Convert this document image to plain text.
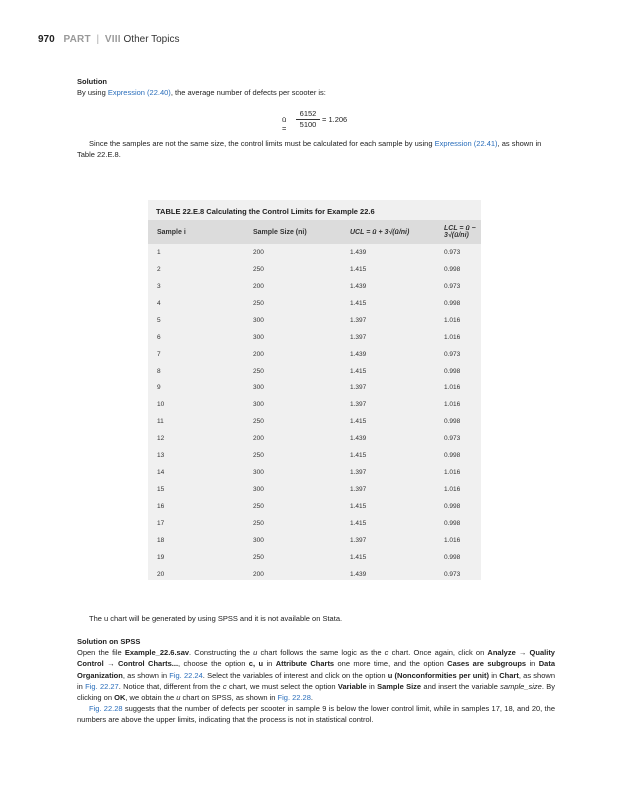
970 PART | VIII Other Topics
Solution
By using Expression (22.40), the average number of defects per scooter is:
ū = $\frac{6152}{5100} = 1.206$
Since the samples are not the same size, the control limits must be calculated for each sample by using Expression (22.41), as shown in Table 22.E.8.
TABLE 22.E.8 Calculating the Control Limits for Example 22.6
Sample i	Sample Size (ni)	UCL = ū + 3√(ū/ni)	LCL = ū − 3√(ū/ni)
1	200	1.439	0.973
2	250	1.415	0.998
3	200	1.439	0.973
4	250	1.415	0.998
5	300	1.397	1.016
6	300	1.397	1.016
7	200	1.439	0.973
8	250	1.415	0.998
9	300	1.397	1.016
10	300	1.397	1.016
11	250	1.415	0.998
12	200	1.439	0.973
13	250	1.415	0.998
14	300	1.397	1.016
15	300	1.397	1.016
16	250	1.415	0.998
17	250	1.415	0.998
18	300	1.397	1.016
19	250	1.415	0.998
20	200	1.439	0.973
The u chart will be generated by using SPSS and it is not available on Stata.
Solution on SPSS
Open the file Example_22.6.sav. Constructing the u chart follows the same logic as the c chart. Once again, click on Analyze → Quality Control → Control Charts..., choose the option c, u in Attribute Charts one more time, and the option Cases are subgroups in Data Organization, as shown in Fig. 22.24. Select the variables of interest and click on the option u (Nonconformities per unit) in Chart, as shown in Fig. 22.27. Notice that, different from the c chart, we must select the option Variable in Sample Size and insert the variable sample_size. By clicking on OK, we obtain the u chart on SPSS, as shown in Fig. 22.28.
Fig. 22.28 suggests that the number of defects per scooter in sample 9 is below the lower control limit, while in samples 17, 18, and 20, the numbers are above the upper limits, indicating that the process is not in statistical control.
